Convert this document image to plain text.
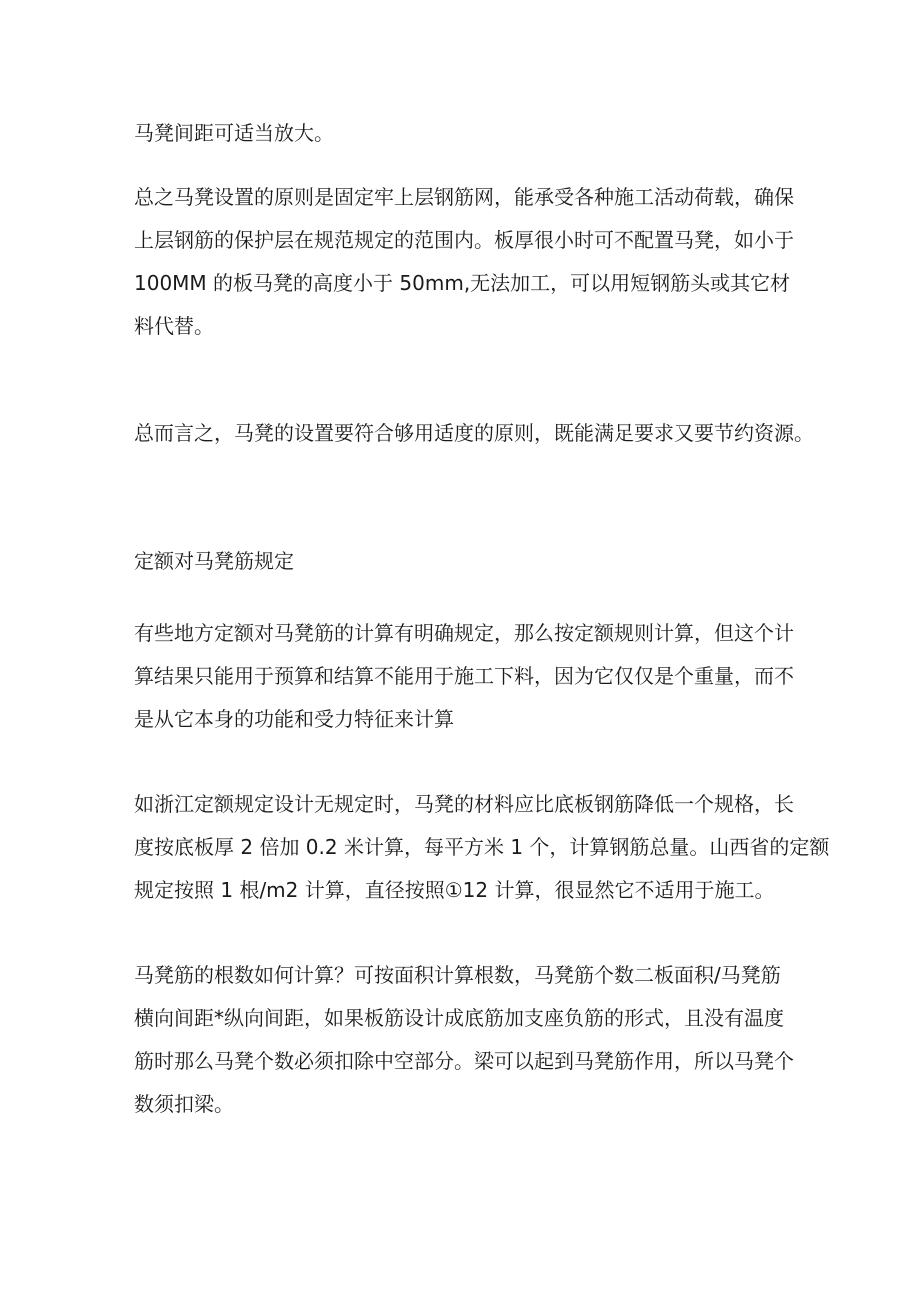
马凳间距可适当放大。

总之马凳设置的原则是固定牢上层钢筋网，能承受各种施工活动荷载，确保
上层钢筋的保护层在规范规定的范围内。板厚很小时可不配置马凳，如小于
100MM 的板马凳的高度小于 50mm,无法加工，可以用短钢筋头或其它材
料代替。

总而言之，马凳的设置要符合够用适度的原则，既能满足要求又要节约资源。

定额对马凳筋规定

有些地方定额对马凳筋的计算有明确规定，那么按定额规则计算，但这个计
算结果只能用于预算和结算不能用于施工下料，因为它仅仅是个重量，而不
是从它本身的功能和受力特征来计算

如浙江定额规定设计无规定时，马凳的材料应比底板钢筋降低一个规格，长
度按底板厚 2 倍加 0.2 米计算，每平方米 1 个，计算钢筋总量。山西省的定额
规定按照 1 根/m2 计算，直径按照①12 计算，很显然它不适用于施工。

马凳筋的根数如何计算？可按面积计算根数，马凳筋个数二板面积/马凳筋
横向间距*纵向间距，如果板筋设计成底筋加支座负筋的形式，且没有温度
筋时那么马凳个数必须扣除中空部分。梁可以起到马凳筋作用，所以马凳个
数须扣梁。
